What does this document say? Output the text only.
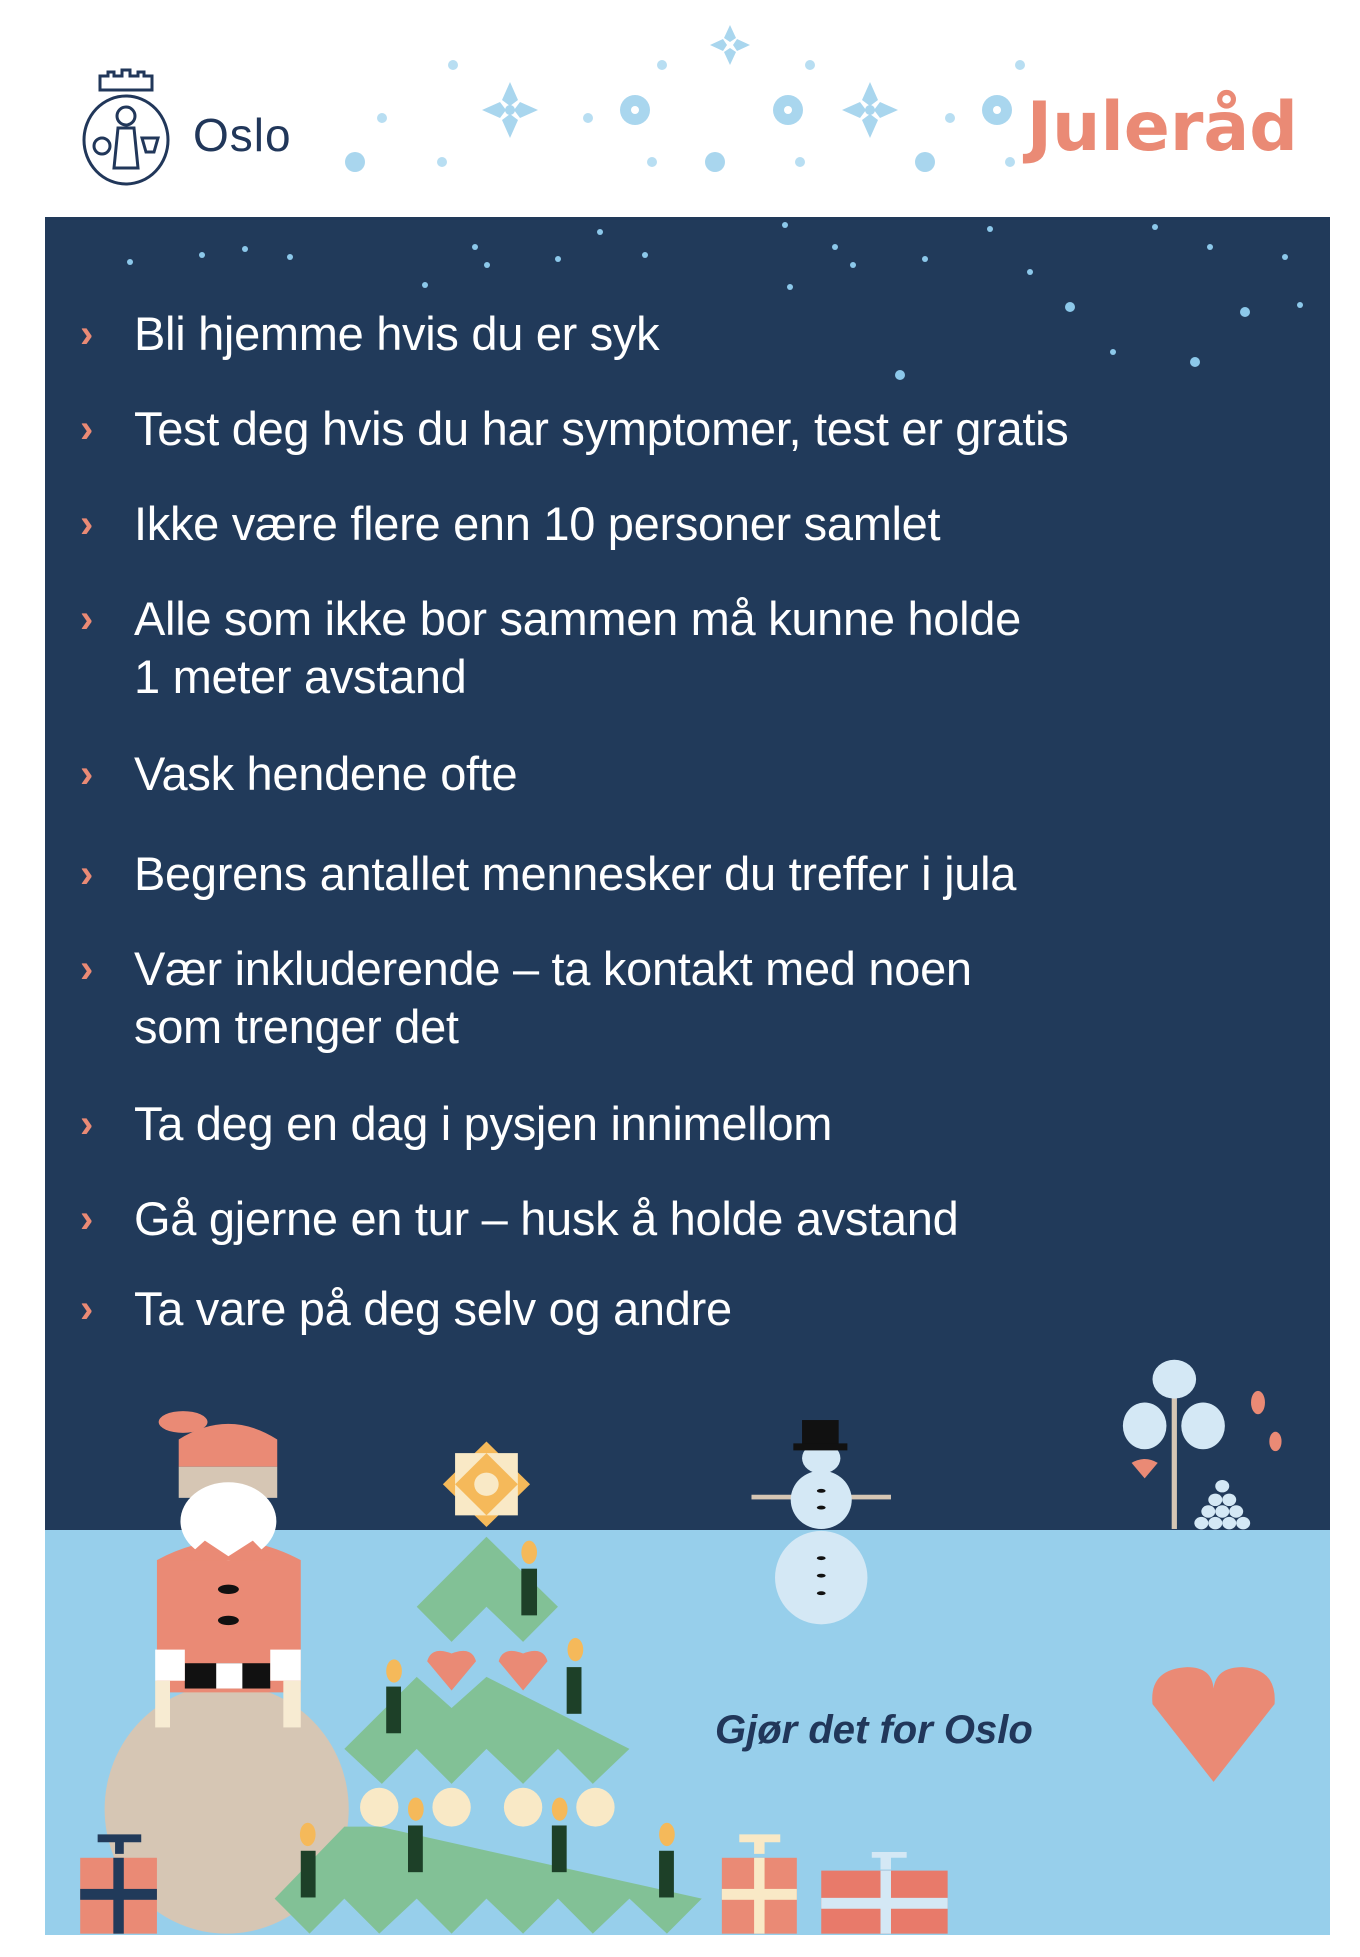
Oslo	Juleråd
› Bli hjemme hvis du er syk
› Test deg hvis du har symptomer, test er gratis
› Ikke være flere enn 10 personer samlet
› Alle som ikke bor sammen må kunne holde
1 meter avstand
› Vask hendene ofte
› Begrens antallet mennesker du treffer i jula
› Vær inkluderende – ta kontakt med noen
som trenger det
› Ta deg en dag i pysjen innimellom
› Gå gjerne en tur – husk å holde avstand
› Ta vare på deg selv og andre
Gjør det for Oslo
